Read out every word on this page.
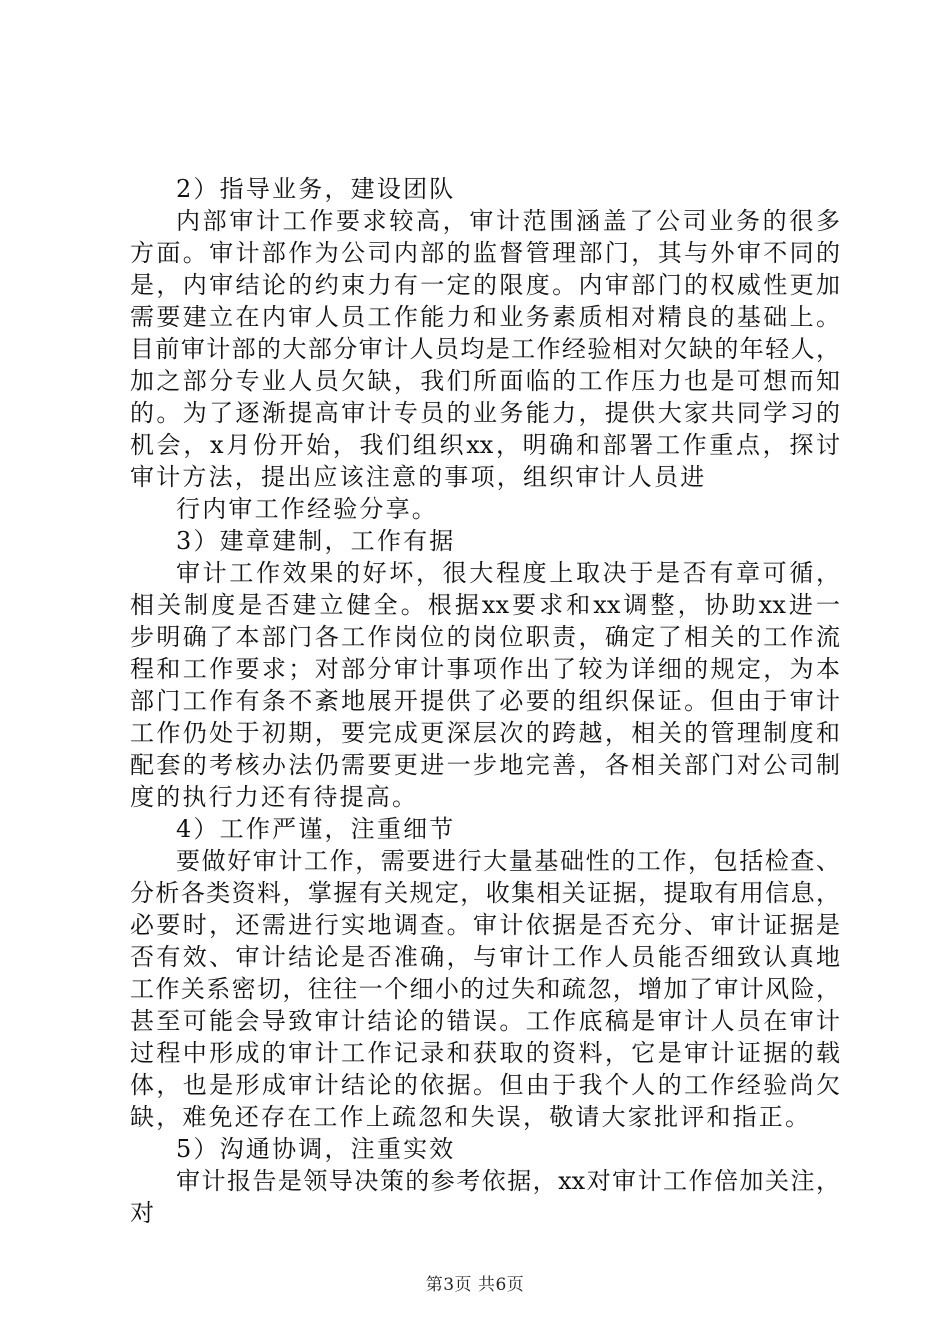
2）指导业务，建设团队
内部审计工作要求较高，审计范围涵盖了公司业务的很多
方面。审计部作为公司内部的监督管理部门，其与外审不同的
是，内审结论的约束力有一定的限度。内审部门的权威性更加
需要建立在内审人员工作能力和业务素质相对精良的基础上。
目前审计部的大部分审计人员均是工作经验相对欠缺的年轻人，
加之部分专业人员欠缺，我们所面临的工作压力也是可想而知
的。为了逐渐提高审计专员的业务能力，提供大家共同学习的
机会，x月份开始，我们组织xx，明确和部署工作重点，探讨
审计方法，提出应该注意的事项，组织审计人员进
行内审工作经验分享。
3）建章建制，工作有据
审计工作效果的好坏，很大程度上取决于是否有章可循，
相关制度是否建立健全。根据xx要求和xx调整，协助xx进一
步明确了本部门各工作岗位的岗位职责，确定了相关的工作流
程和工作要求；对部分审计事项作出了较为详细的规定，为本
部门工作有条不紊地展开提供了必要的组织保证。但由于审计
工作仍处于初期，要完成更深层次的跨越，相关的管理制度和
配套的考核办法仍需要更进一步地完善，各相关部门对公司制
度的执行力还有待提高。
4）工作严谨，注重细节
要做好审计工作，需要进行大量基础性的工作，包括检查、
分析各类资料，掌握有关规定，收集相关证据，提取有用信息，
必要时，还需进行实地调查。审计依据是否充分、审计证据是
否有效、审计结论是否准确，与审计工作人员能否细致认真地
工作关系密切，往往一个细小的过失和疏忽，增加了审计风险，
甚至可能会导致审计结论的错误。工作底稿是审计人员在审计
过程中形成的审计工作记录和获取的资料，它是审计证据的载
体，也是形成审计结论的依据。但由于我个人的工作经验尚欠
缺，难免还存在工作上疏忽和失误，敬请大家批评和指正。
5）沟通协调，注重实效
审计报告是领导决策的参考依据，xx对审计工作倍加关注，
对
第3页 共6页
